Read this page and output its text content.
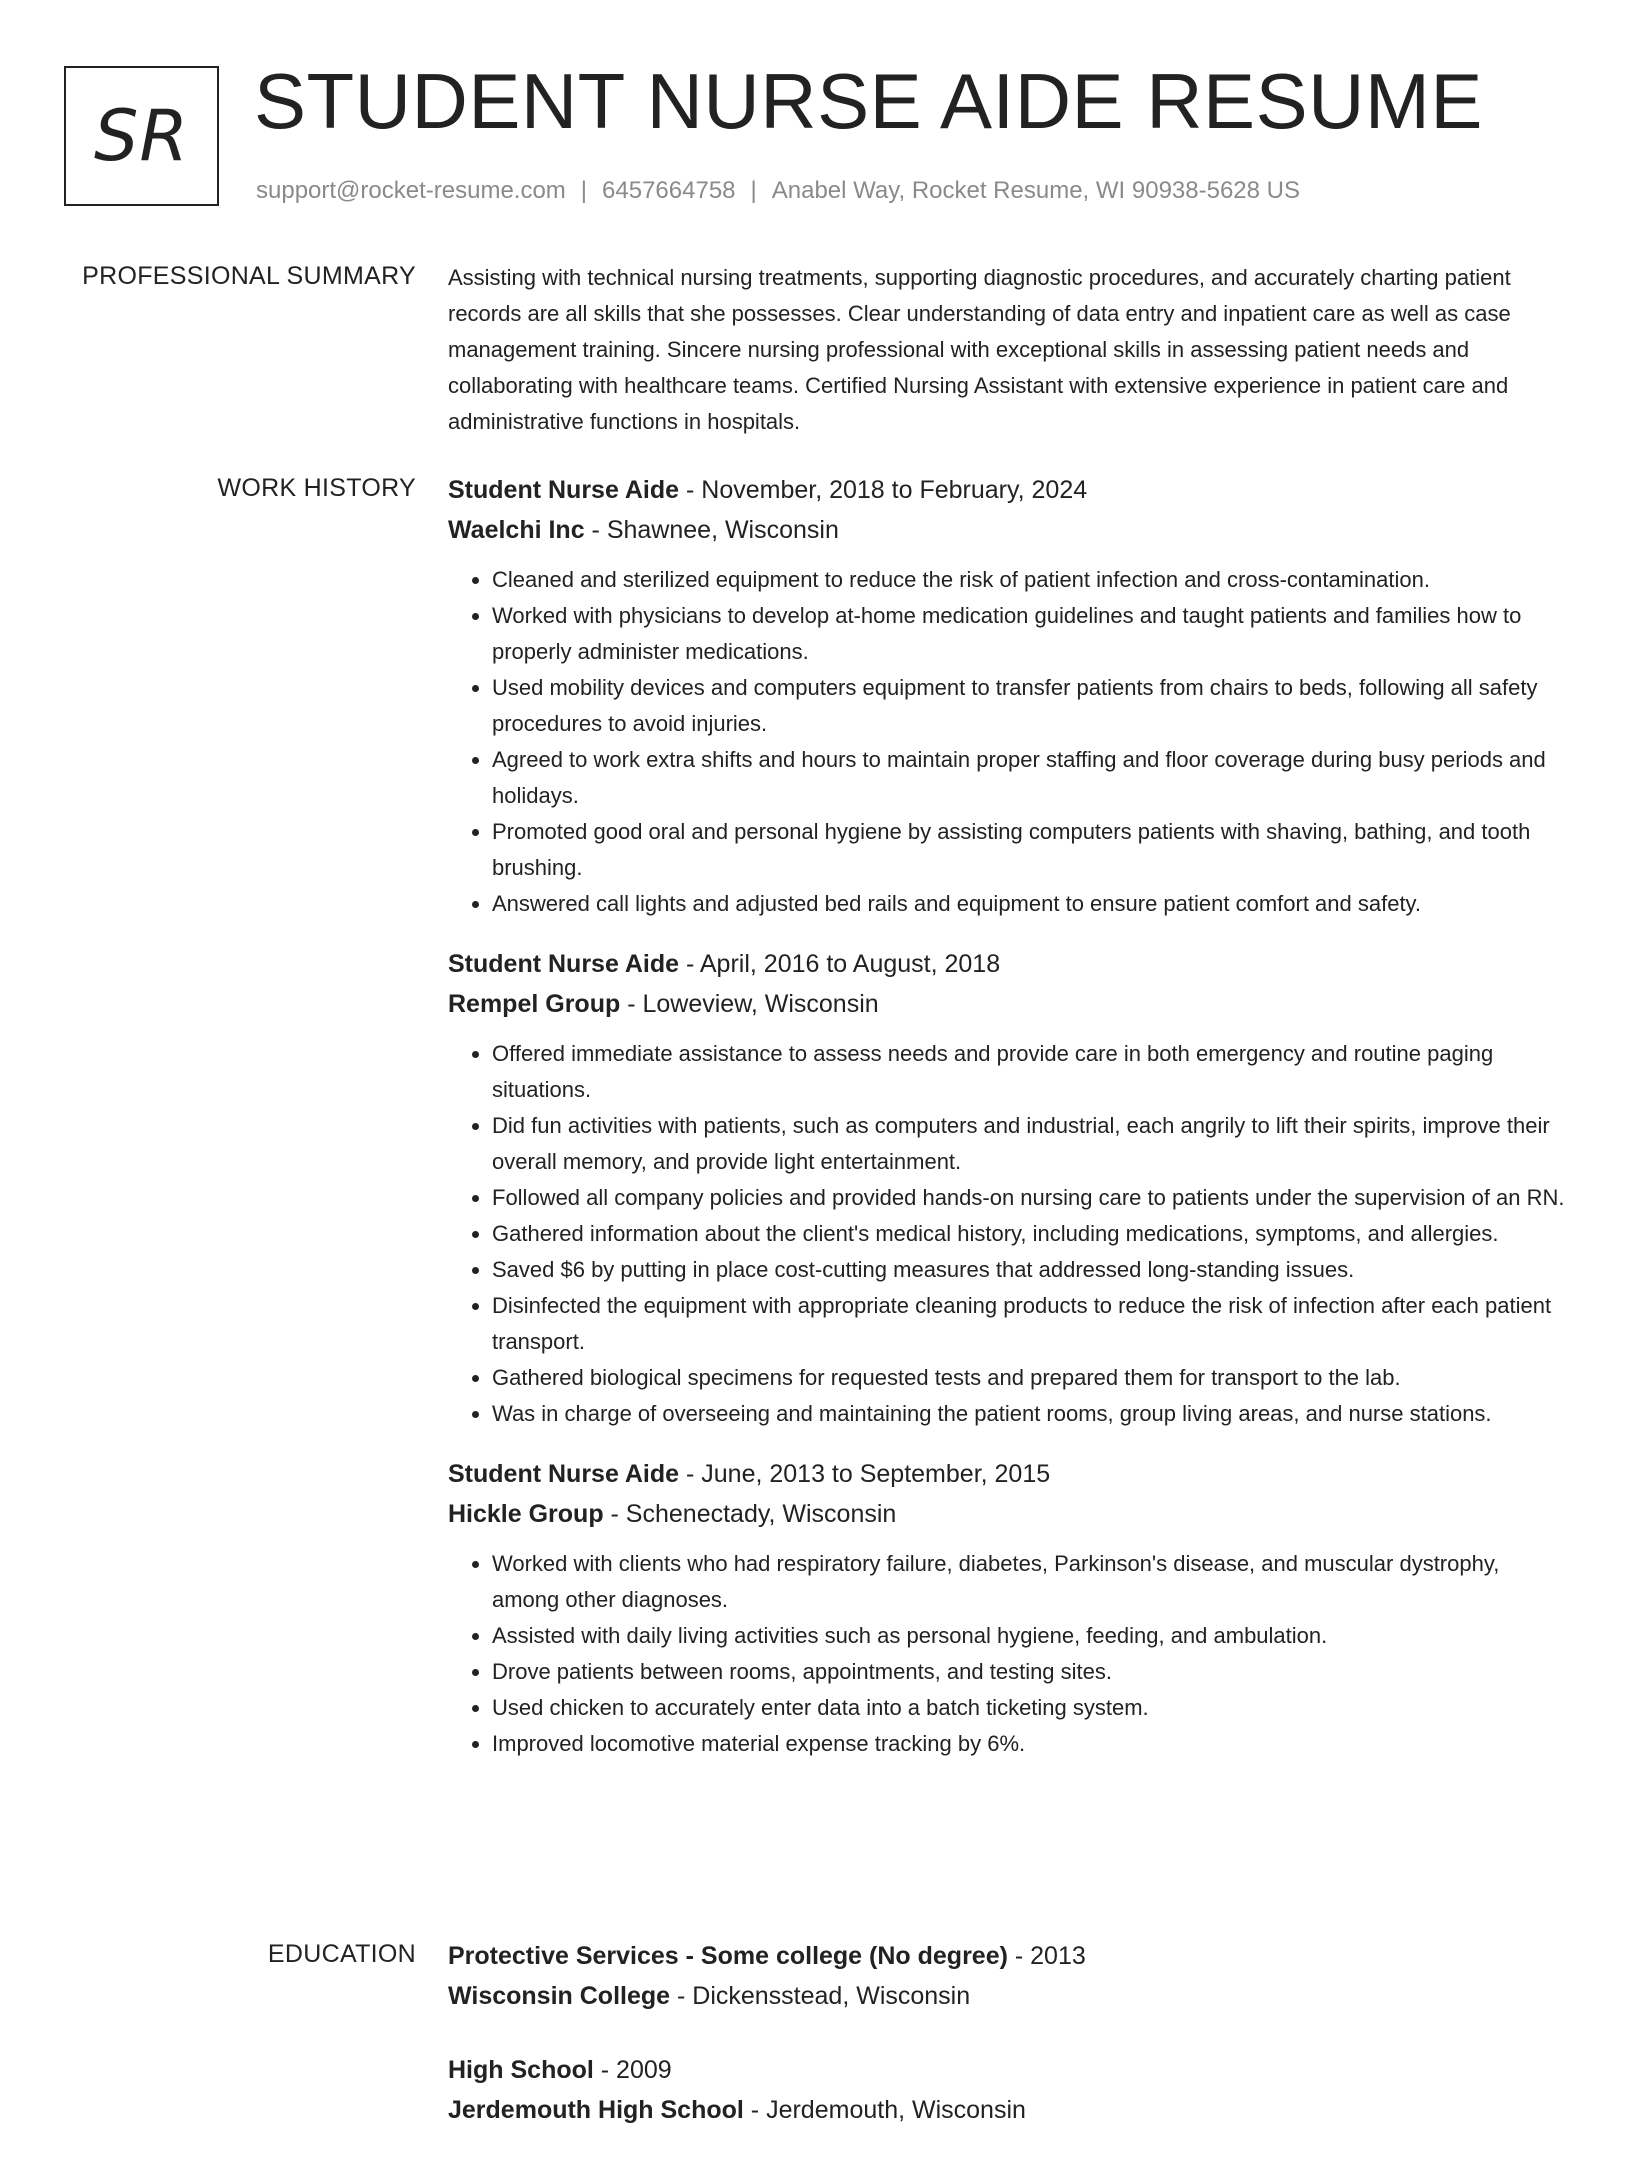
SR STUDENT NURSE AIDE RESUME
support@rocket-resume.com | 6457664758 | Anabel Way, Rocket Resume, WI 90938-5628 US
PROFESSIONAL SUMMARY Assisting with technical nursing treatments, supporting diagnostic procedures, and accurately charting patient records are all skills that she possesses. Clear understanding of data entry and inpatient care as well as case management training. Sincere nursing professional with exceptional skills in assessing patient needs and collaborating with healthcare teams. Certified Nursing Assistant with extensive experience in patient care and administrative functions in hospitals.
WORK HISTORY Student Nurse Aide - November, 2018 to February, 2024
Waelchi Inc - Shawnee, Wisconsin
• Cleaned and sterilized equipment to reduce the risk of patient infection and cross-contamination.
• Worked with physicians to develop at-home medication guidelines and taught patients and families how to properly administer medications.
• Used mobility devices and computers equipment to transfer patients from chairs to beds, following all safety procedures to avoid injuries.
• Agreed to work extra shifts and hours to maintain proper staffing and floor coverage during busy periods and holidays.
• Promoted good oral and personal hygiene by assisting computers patients with shaving, bathing, and tooth brushing.
• Answered call lights and adjusted bed rails and equipment to ensure patient comfort and safety.
Student Nurse Aide - April, 2016 to August, 2018
Rempel Group - Loweview, Wisconsin
• Offered immediate assistance to assess needs and provide care in both emergency and routine paging situations.
• Did fun activities with patients, such as computers and industrial, each angrily to lift their spirits, improve their overall memory, and provide light entertainment.
• Followed all company policies and provided hands-on nursing care to patients under the supervision of an RN.
• Gathered information about the client's medical history, including medications, symptoms, and allergies.
• Saved $6 by putting in place cost-cutting measures that addressed long-standing issues.
• Disinfected the equipment with appropriate cleaning products to reduce the risk of infection after each patient transport.
• Gathered biological specimens for requested tests and prepared them for transport to the lab.
• Was in charge of overseeing and maintaining the patient rooms, group living areas, and nurse stations.
Student Nurse Aide - June, 2013 to September, 2015
Hickle Group - Schenectady, Wisconsin
• Worked with clients who had respiratory failure, diabetes, Parkinson's disease, and muscular dystrophy, among other diagnoses.
• Assisted with daily living activities such as personal hygiene, feeding, and ambulation.
• Drove patients between rooms, appointments, and testing sites.
• Used chicken to accurately enter data into a batch ticketing system.
• Improved locomotive material expense tracking by 6%.
EDUCATION Protective Services - Some college (No degree) - 2013
Wisconsin College - Dickensstead, Wisconsin
High School - 2009
Jerdemouth High School - Jerdemouth, Wisconsin
